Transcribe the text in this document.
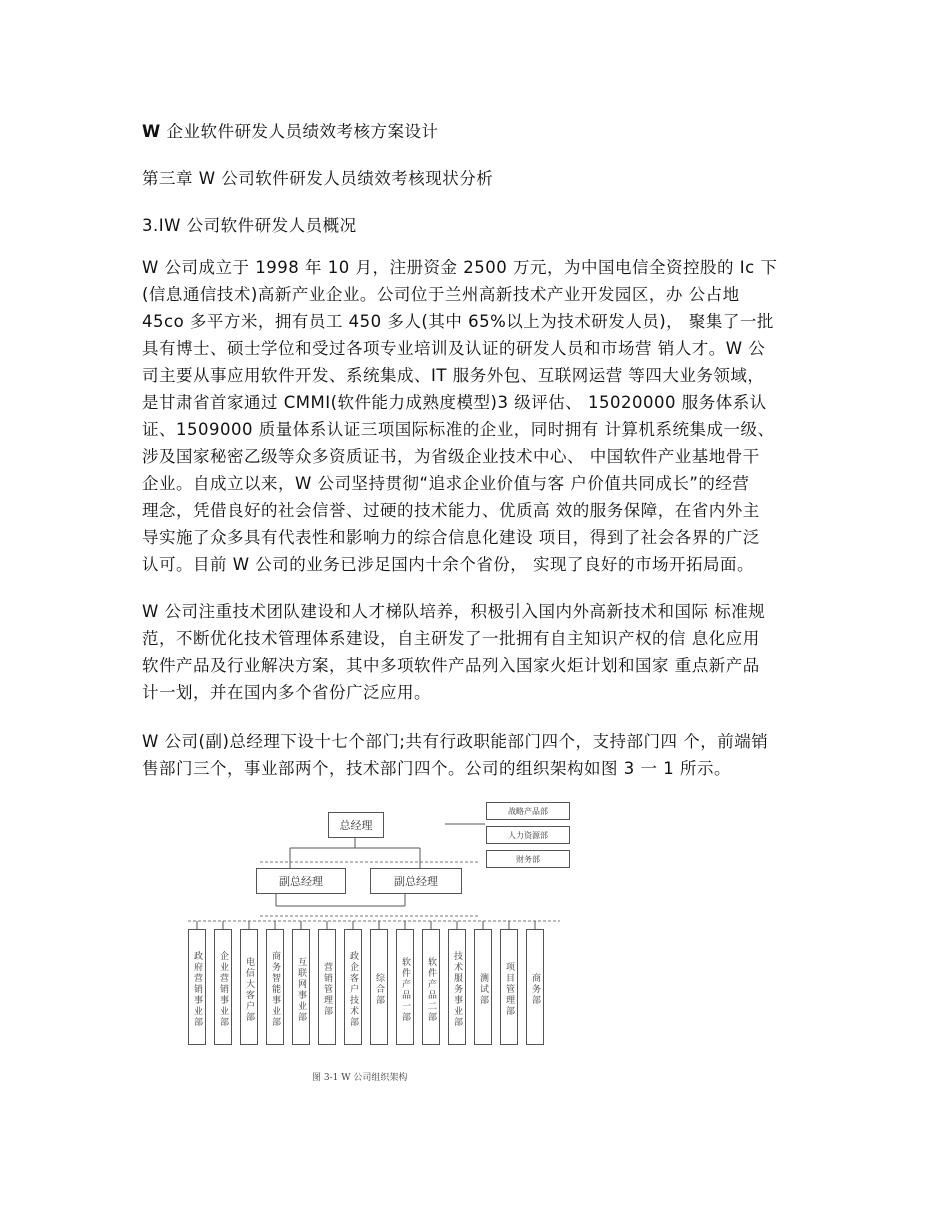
W 企业软件研发人员绩效考核方案设计
第三章 W 公司软件研发人员绩效考核现状分析
3.IW 公司软件研发人员概况
W 公司成立于 1998 年 10 月，注册资金 2500 万元，为中国电信全资控股的 Ic 下
(信息通信技术)高新产业企业。公司位于兰州高新技术产业开发园区，办 公占地
45co 多平方米，拥有员工 450 多人(其中 65%以上为技术研发人员)， 聚集了一批
具有博士、硕士学位和受过各项专业培训及认证的研发人员和市场营 销人才。W 公
司主要从事应用软件开发、系统集成、IT 服务外包、互联网运营 等四大业务领域，
是甘肃省首家通过 CMMI(软件能力成熟度模型)3 级评估、 15020000 服务体系认
证、1509000 质量体系认证三项国际标准的企业，同时拥有 计算机系统集成一级、
涉及国家秘密乙级等众多资质证书，为省级企业技术中心、 中国软件产业基地骨干
企业。自成立以来，W 公司坚持贯彻“追求企业价值与客 户价值共同成长”的经营
理念，凭借良好的社会信誉、过硬的技术能力、优质高 效的服务保障，在省内外主
导实施了众多具有代表性和影响力的综合信息化建设 项目，得到了社会各界的广泛
认可。目前 W 公司的业务已涉足国内十余个省份， 实现了良好的市场开拓局面。
W 公司注重技术团队建设和人才梯队培养，积极引入国内外高新技术和国际 标准规
范，不断优化技术管理体系建设，自主研发了一批拥有自主知识产权的信 息化应用
软件产品及行业解决方案，其中多项软件产品列入国家火炬计划和国家 重点新产品
计一划，并在国内多个省份广泛应用。
W 公司(副)总经理下设十七个部门;共有行政职能部门四个，支持部门四 个，前端销
售部门三个，事业部两个，技术部门四个。公司的组织架构如图 3 一 1 所示。
总经理
战略产品部
人力资源部
财务部
副总经理	副总经理
政府营销事业部	企业营销事业部	电信大客户部	商务智能事业部	互联网事业部	营销管理部	政企客户技术部	综合部	软件产品一部	软件产品二部	技术服务事业部	测试部	项目管理部	商务部
图 3-1 W 公司组织架构
